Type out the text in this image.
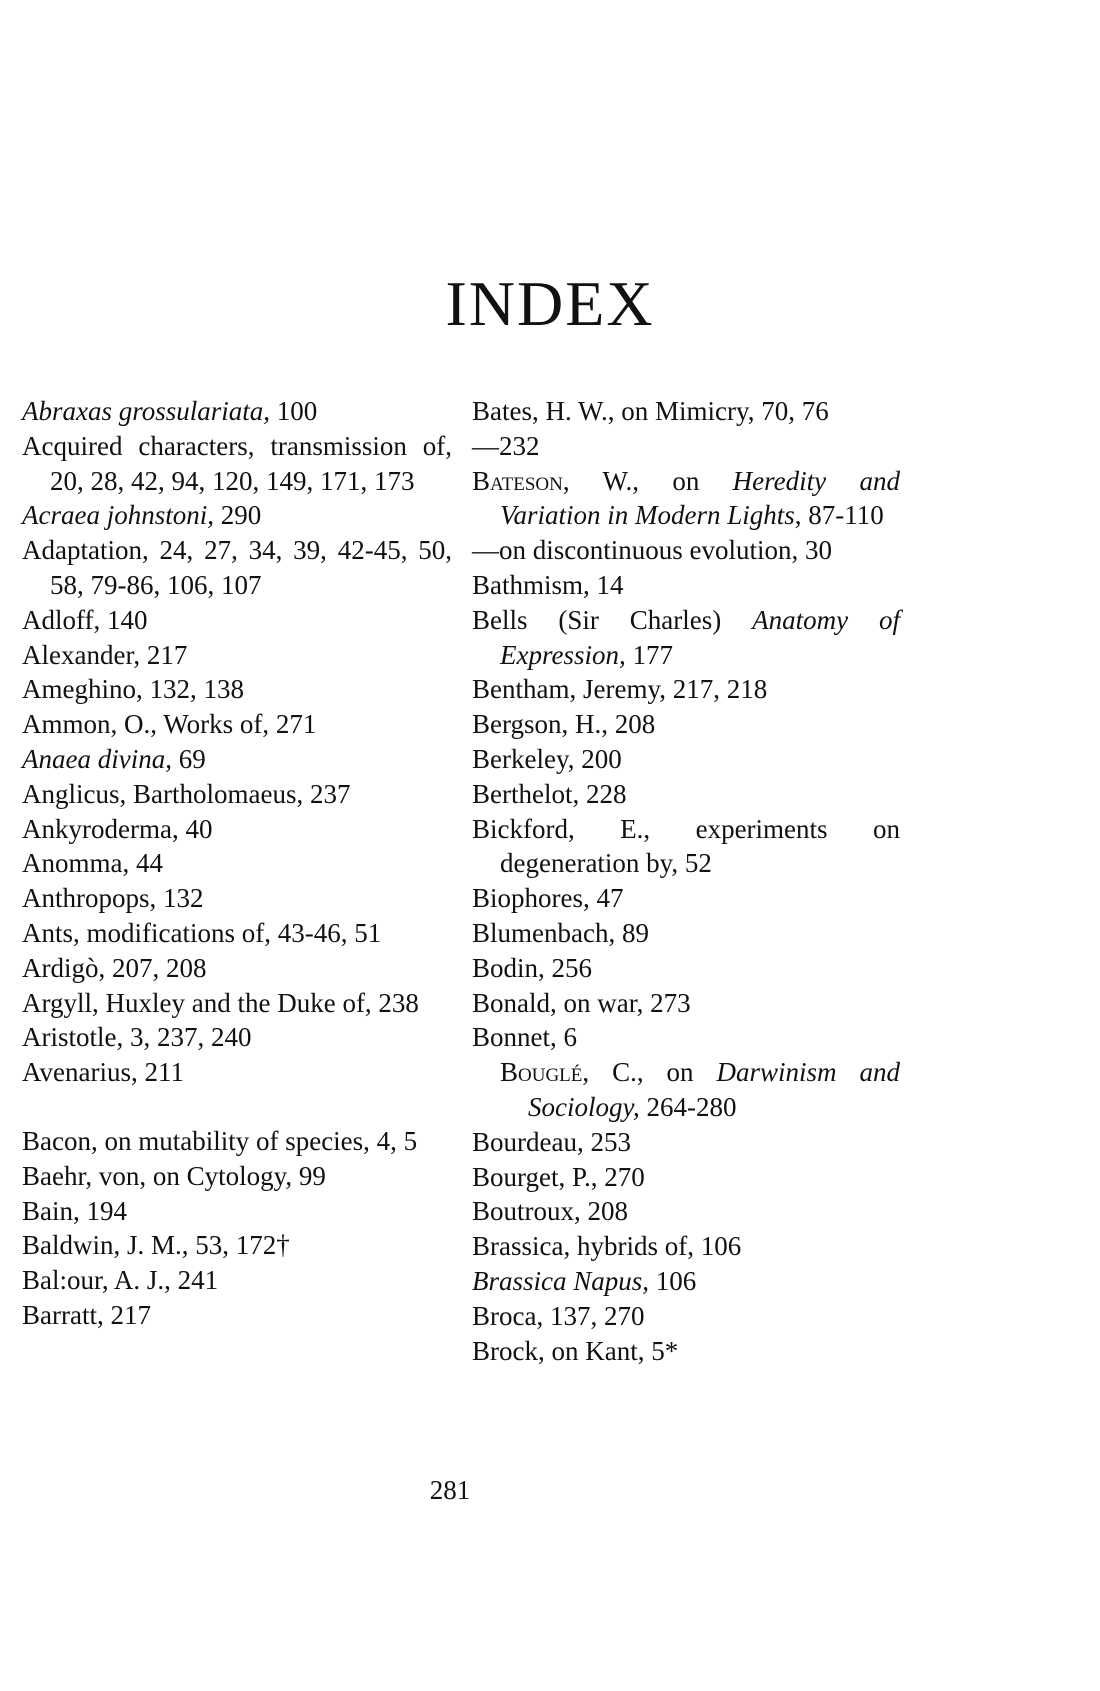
INDEX
Abraxas grossulariata, 100
Acquired characters, transmission of, 20, 28, 42, 94, 120, 149, 171, 173
Acraea johnstoni, 290
Adaptation, 24, 27, 34, 39, 42-45, 50, 58, 79-86, 106, 107
Adloff, 140
Alexander, 217
Ameghino, 132, 138
Ammon, O., Works of, 271
Anaea divina, 69
Anglicus, Bartholomaeus, 237
Ankyroderma, 40
Anomma, 44
Anthropops, 132
Ants, modifications of, 43-46, 51
Ardigò, 207, 208
Argyll, Huxley and the Duke of, 238
Aristotle, 3, 237, 240
Avenarius, 211
Bacon, on mutability of species, 4, 5
Baehr, von, on Cytology, 99
Bain, 194
Baldwin, J. M., 53, 172†
Bal:our, A. J., 241
Barratt, 217
Bates, H. W., on Mimicry, 70, 76
—232
Bateson, W., on Heredity and Variation in Modern Lights, 87-110
—on discontinuous evolution, 30
Bathmism, 14
Bells (Sir Charles) Anatomy of Expression, 177
Bentham, Jeremy, 217, 218
Bergson, H., 208
Berkeley, 200
Berthelot, 228
Bickford, E., experiments on degeneration by, 52
Biophores, 47
Blumenbach, 89
Bodin, 256
Bonald, on war, 273
Bonnet, 6
Bouglé, C., on Darwinism and Sociology, 264-280
Bourdeau, 253
Bourget, P., 270
Boutroux, 208
Brassica, hybrids of, 106
Brassica Napus, 106
Broca, 137, 270
Brock, on Kant, 5*
281
